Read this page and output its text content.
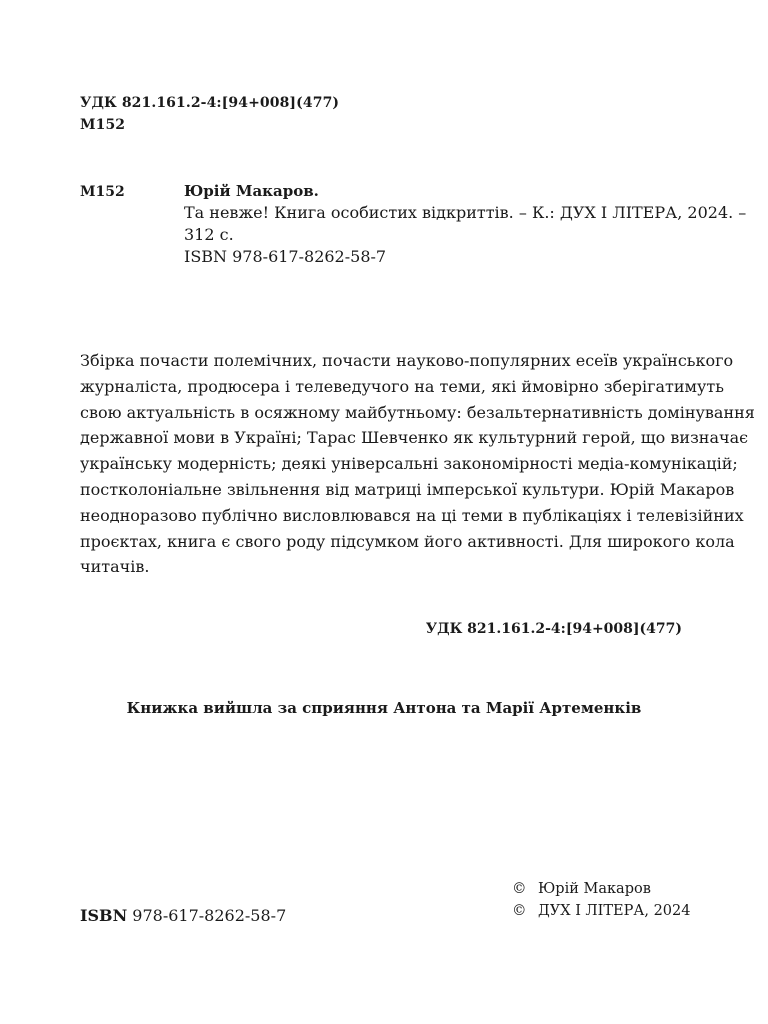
УДК 821.161.2-4:[94+008](477)
М152
М152	Юрій Макаров.
Та невже! Книга особистих відкриттів. – К.: ДУХ І ЛІТЕРА, 2024. –
312 с.
ISBN 978-617-8262-58-7
Збірка почасти полемічних, почасти науково-популярних есеїв українського
журналіста, продюсера і телеведучого на теми, які ймовірно зберігатимуть
свою актуальність в осяжному майбутньому: безальтернативність домінування
державної мови в Україні; Тарас Шевченко як культурний герой, що визначає
українську модерність; деякі універсальні закономірності медіа-комунікацій;
постколоніальне звільнення від матриці імперської культури. Юрій Макаров
неодноразово публічно висловлювався на ці теми в публікаціях і телевізійних
проєктах, книга є свого роду підсумком його активності. Для широкого кола
читачів.
УДК 821.161.2-4:[94+008](477)
Книжка вийшла за сприяння Антона та Марії Артеменків
© Юрій Макаров
© ДУХ І ЛІТЕРА, 2024
ISBN 978-617-8262-58-7
